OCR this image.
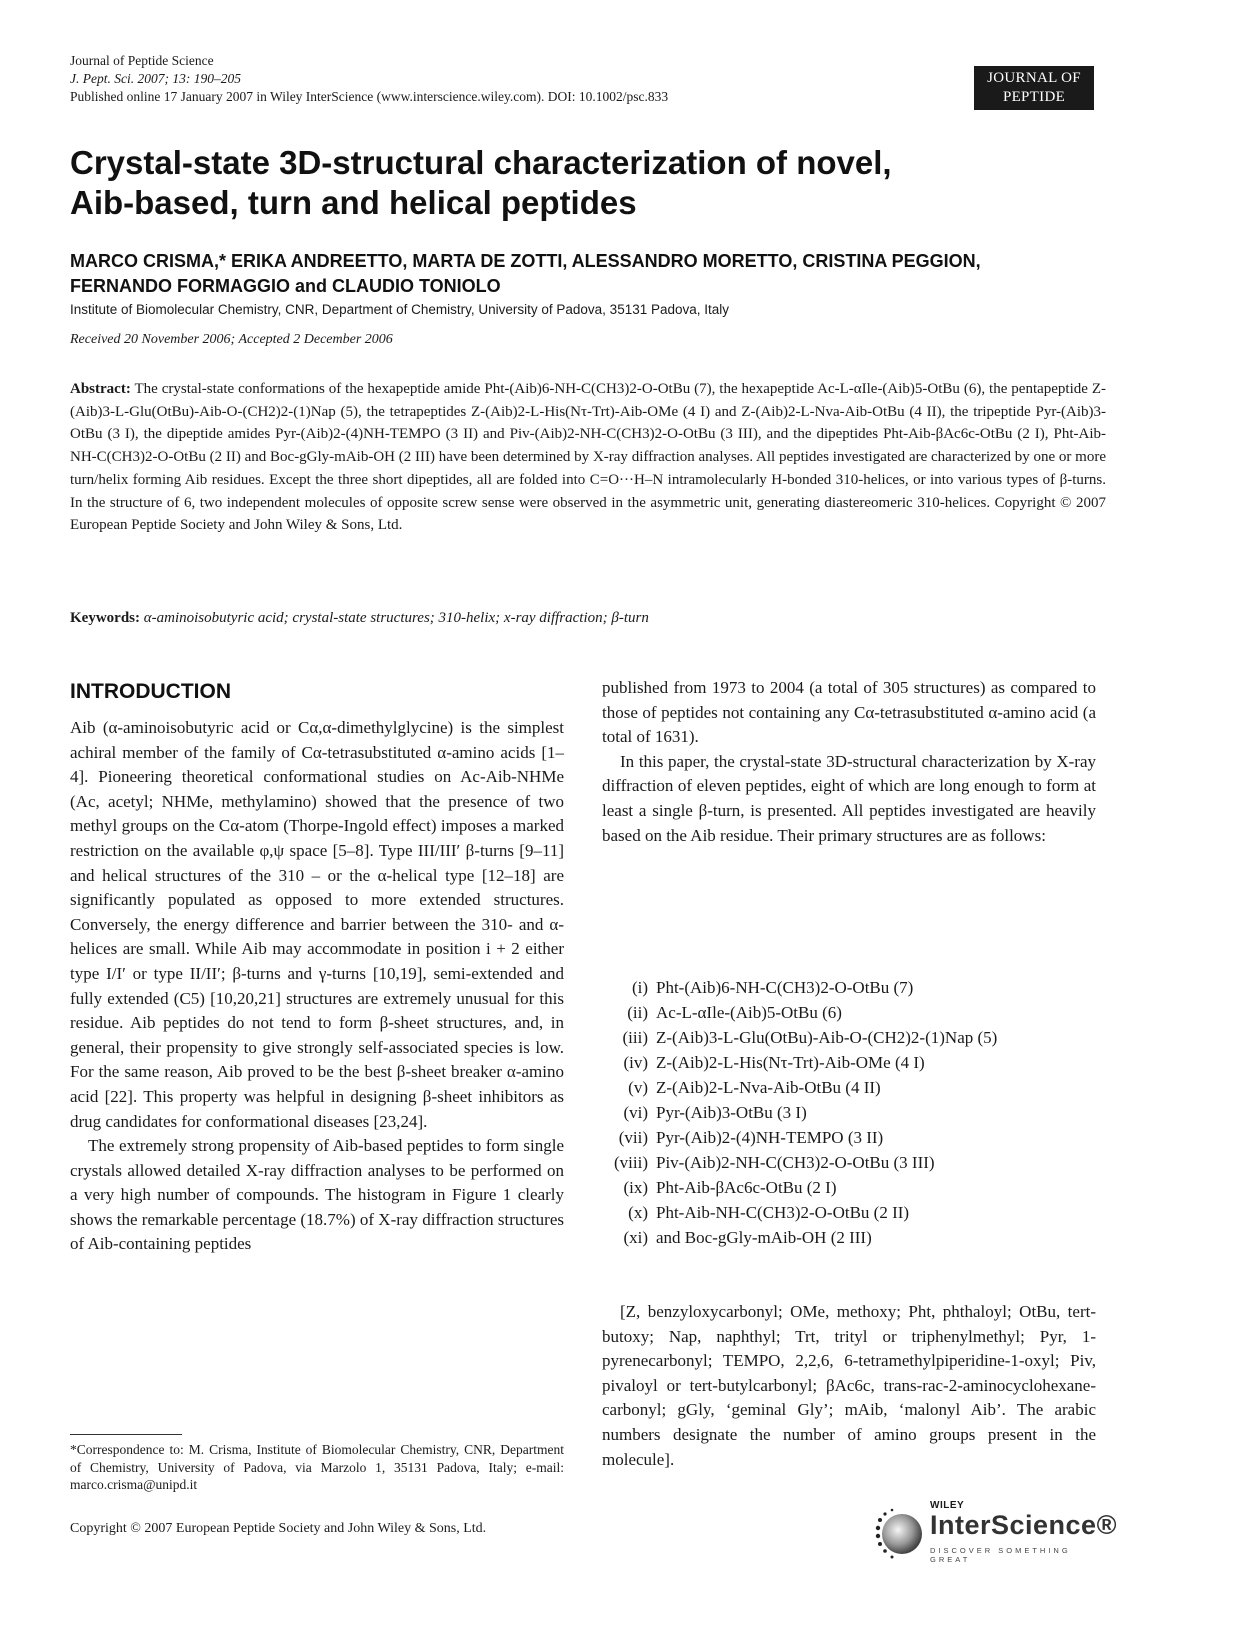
Journal of Peptide Science
J. Pept. Sci. 2007; 13: 190–205
Published online 17 January 2007 in Wiley InterScience (www.interscience.wiley.com). DOI: 10.1002/psc.833
JOURNAL OF
PEPTIDE SCIENCE
Crystal-state 3D-structural characterization of novel,
Aib-based, turn and helical peptides
MARCO CRISMA,* ERIKA ANDREETTO, MARTA DE ZOTTI, ALESSANDRO MORETTO, CRISTINA PEGGION,
FERNANDO FORMAGGIO and CLAUDIO TONIOLO
Institute of Biomolecular Chemistry, CNR, Department of Chemistry, University of Padova, 35131 Padova, Italy
Received 20 November 2006; Accepted 2 December 2006
Abstract: The crystal-state conformations of the hexapeptide amide Pht-(Aib)6-NH-C(CH3)2-O-OtBu (7), the hexapeptide Ac-L-αIle-(Aib)5-OtBu (6), the pentapeptide Z-(Aib)3-L-Glu(OtBu)-Aib-O-(CH2)2-(1)Nap (5), the tetrapeptides Z-(Aib)2-L-His(Nτ-Trt)-Aib-OMe (4 I) and Z-(Aib)2-L-Nva-Aib-OtBu (4 II), the tripeptide Pyr-(Aib)3-OtBu (3 I), the dipeptide amides Pyr-(Aib)2-(4)NH-TEMPO (3 II) and Piv-(Aib)2-NH-C(CH3)2-O-OtBu (3 III), and the dipeptides Pht-Aib-βAc6c-OtBu (2 I), Pht-Aib-NH-C(CH3)2-O-OtBu (2 II) and Boc-gGly-mAib-OH (2 III) have been determined by X-ray diffraction analyses. All peptides investigated are characterized by one or more turn/helix forming Aib residues. Except the three short dipeptides, all are folded into C=O···H–N intramolecularly H-bonded 310-helices, or into various types of β-turns. In the structure of 6, two independent molecules of opposite screw sense were observed in the asymmetric unit, generating diastereomeric 310-helices. Copyright © 2007 European Peptide Society and John Wiley & Sons, Ltd.
Keywords: α-aminoisobutyric acid; crystal-state structures; 310-helix; x-ray diffraction; β-turn
INTRODUCTION

Aib (α-aminoisobutyric acid or Cα,α-dimethylglycine) is the simplest achiral member of the family of Cα-tetrasubstituted α-amino acids [1–4]. Pioneering theoretical conformational studies on Ac-Aib-NHMe (Ac, acetyl; NHMe, methylamino) showed that the presence of two methyl groups on the Cα-atom (Thorpe-Ingold effect) imposes a marked restriction on the available φ,ψ space [5–8]. Type III/III′ β-turns [9–11] and helical structures of the 310 – or the α-helical type [12–18] are significantly populated as opposed to more extended structures. Conversely, the energy difference and barrier between the 310- and α-helices are small. While Aib may accommodate in position i + 2 either type I/I′ or type II/II′; β-turns and γ-turns [10,19], semi-extended and fully extended (C5) [10,20,21] structures are extremely unusual for this residue. Aib peptides do not tend to form β-sheet structures, and, in general, their propensity to give strongly self-associated species is low. For the same reason, Aib proved to be the best β-sheet breaker α-amino acid [22]. This property was helpful in designing β-sheet inhibitors as drug candidates for conformational diseases [23,24].

The extremely strong propensity of Aib-based peptides to form single crystals allowed detailed X-ray diffraction analyses to be performed on a very high number of compounds. The histogram in Figure 1 clearly shows the remarkable percentage (18.7%) of X-ray diffraction structures of Aib-containing peptides

published from 1973 to 2004 (a total of 305 structures) as compared to those of peptides not containing any Cα-tetrasubstituted α-amino acid (a total of 1631).

In this paper, the crystal-state 3D-structural characterization by X-ray diffraction of eleven peptides, eight of which are long enough to form at least a single β-turn, is presented. All peptides investigated are heavily based on the Aib residue. Their primary structures are as follows:

(i) Pht-(Aib)6-NH-C(CH3)2-O-OtBu (7)
(ii) Ac-L-αIle-(Aib)5-OtBu (6)
(iii) Z-(Aib)3-L-Glu(OtBu)-Aib-O-(CH2)2-(1)Nap (5)
(iv) Z-(Aib)2-L-His(Nτ-Trt)-Aib-OMe (4 I)
(v) Z-(Aib)2-L-Nva-Aib-OtBu (4 II)
(vi) Pyr-(Aib)3-OtBu (3 I)
(vii) Pyr-(Aib)2-(4)NH-TEMPO (3 II)
(viii) Piv-(Aib)2-NH-C(CH3)2-O-OtBu (3 III)
(ix) Pht-Aib-βAc6c-OtBu (2 I)
(x) Pht-Aib-NH-C(CH3)2-O-OtBu (2 II)
(xi) and Boc-gGly-mAib-OH (2 III)

[Z, benzyloxycarbonyl; OMe, methoxy; Pht, phthaloyl; OtBu, tert-butoxy; Nap, naphthyl; Trt, trityl or triphenylmethyl; Pyr, 1-pyrenecarbonyl; TEMPO, 2,2,6, 6-tetramethylpiperidine-1-oxyl; Piv, pivaloyl or tert-butylcarbonyl; βAc6c, trans-rac-2-aminocyclohexane-carbonyl; gGly, ‘geminal Gly’; mAib, ‘malonyl Aib’. The arabic numbers designate the number of amino groups present in the molecule].

*Correspondence to: M. Crisma, Institute of Biomolecular Chemistry, CNR, Department of Chemistry, University of Padova, via Marzolo 1, 35131 Padova, Italy; e-mail: marco.crisma@unipd.it
Copyright © 2007 European Peptide Society and John Wiley & Sons, Ltd.
WILEY
InterScience®
DISCOVER SOMETHING GREAT
